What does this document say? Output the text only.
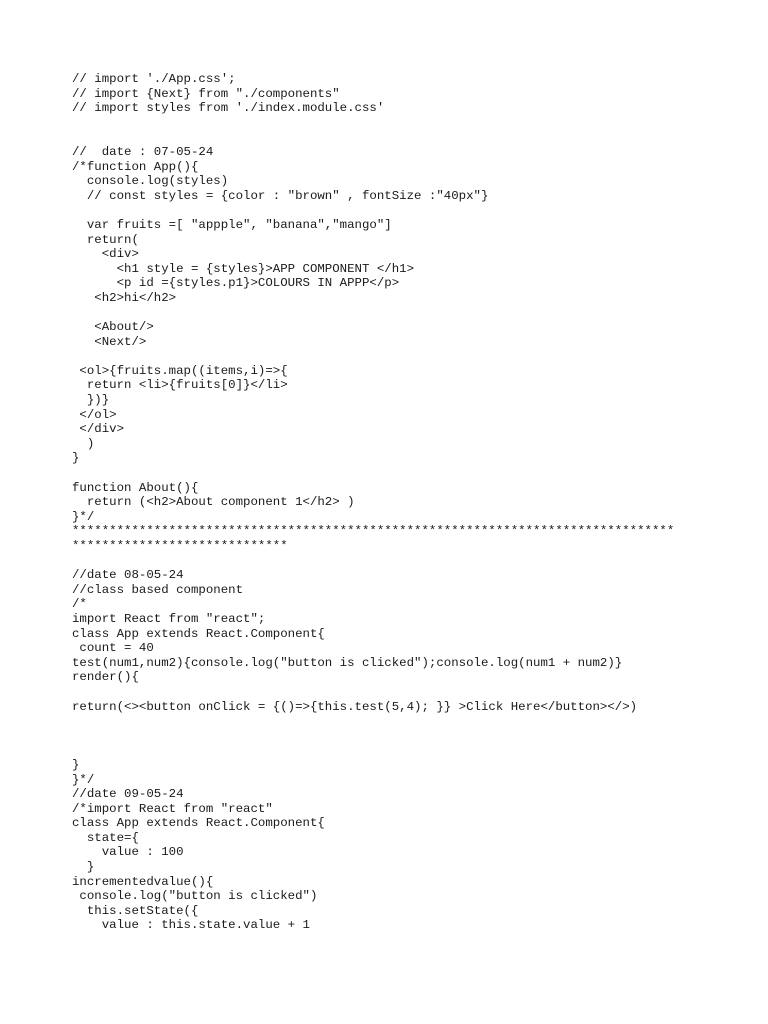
// import './App.css';
// import {Next} from "./components"
// import styles from './index.module.css'
//  date : 07-05-24
/*function App(){
console.log(styles)
// const styles = {color : "brown" , fontSize :"40px"}
var fruits =[ "appple", "banana","mango"]
return(
<div>
<h1 style = {styles}>APP COMPONENT </h1>
<p id ={styles.p1}>COLOURS IN APPP</p>
<h2>hi</h2>
<About/>
<Next/>
<ol>{fruits.map((items,i)=>{
return <li>{fruits[0]}</li>
})}
</ol>
</div>
)
}
function About(){
return (<h2>About component 1</h2> )
}*/
*********************************************************************************
*****************************
//date 08-05-24
//class based component
/*
import React from "react";
class App extends React.Component{
count = 40
test(num1,num2){console.log("button is clicked");console.log(num1 + num2)}
render(){
return(<><button onClick = {()=>{this.test(5,4); }} >Click Here</button></>)
}
}*/
//date 09-05-24
/*import React from "react"
class App extends React.Component{
state={
value : 100
}
incrementedvalue(){
console.log("button is clicked")
this.setState({
value : this.state.value + 1
